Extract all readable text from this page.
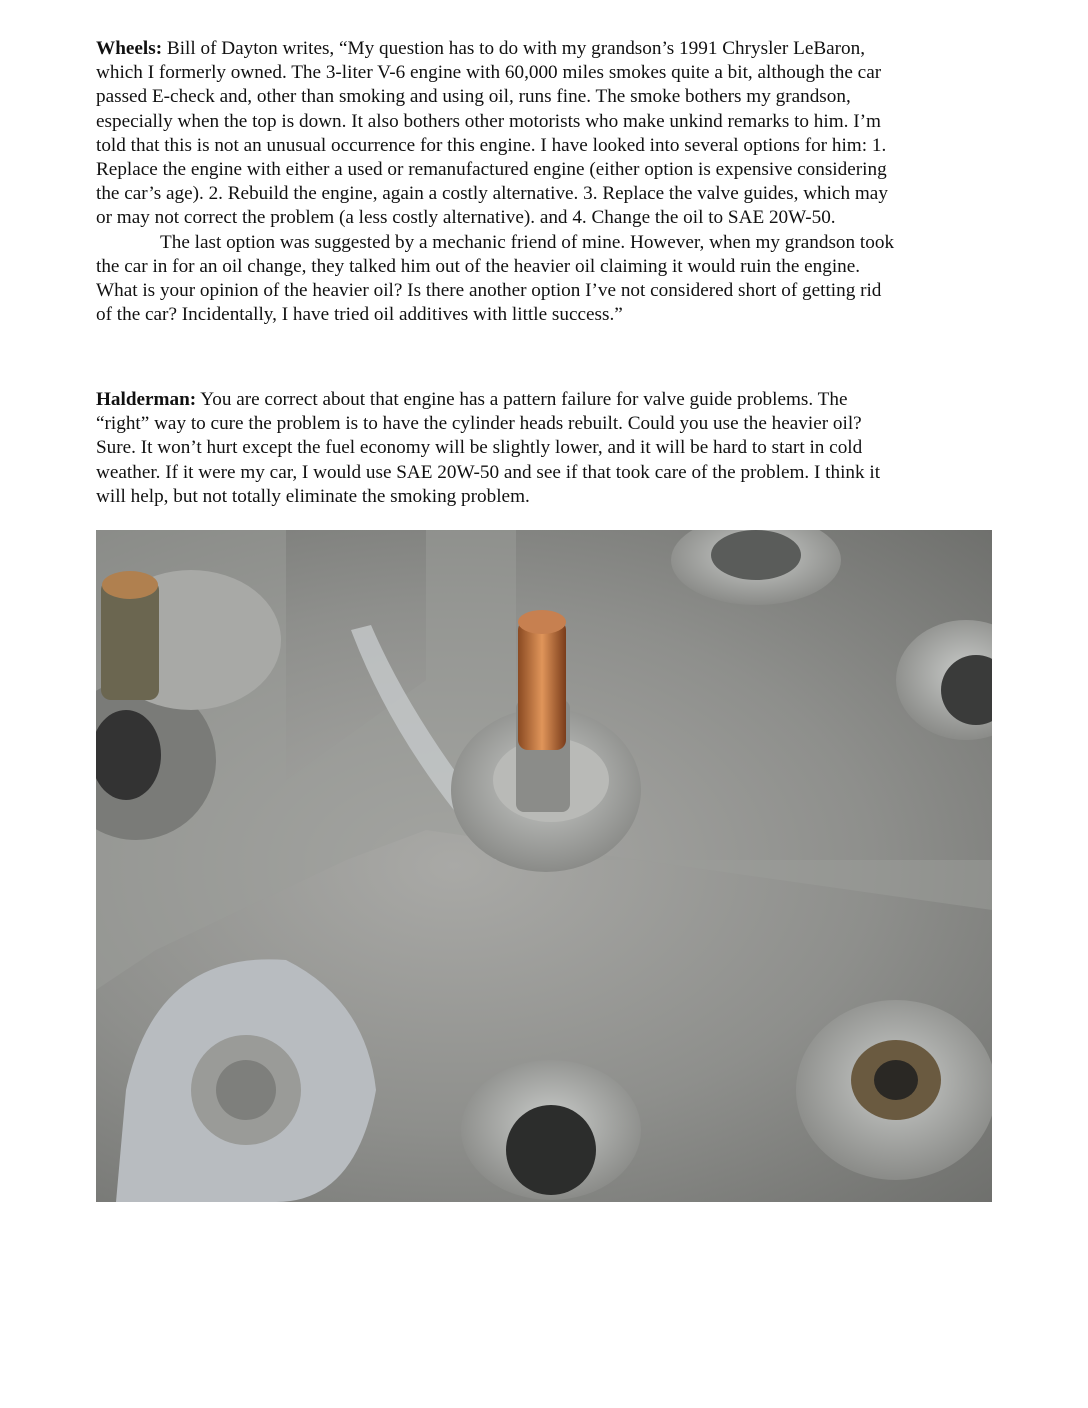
Wheels: Bill of Dayton writes, “My question has to do with my grandson’s 1991 Chrysler LeBaron,
which I formerly owned. The 3-liter V-6 engine with 60,000 miles smokes quite a bit, although the car
passed E-check and, other than smoking and using oil, runs fine. The smoke bothers my grandson,
especially when the top is down. It also bothers other motorists who make unkind remarks to him. I’m
told that this is not an unusual occurrence for this engine. I have looked into several options for him: 1.
Replace the engine with either a used or remanufactured engine (either option is expensive considering
the car’s age). 2. Rebuild the engine, again a costly alternative. 3. Replace the valve guides, which may
or may not correct the problem (a less costly alternative). and 4. Change the oil to SAE 20W-50.
The last option was suggested by a mechanic friend of mine. However, when my grandson took
the car in for an oil change, they talked him out of the heavier oil claiming it would ruin the engine.
What is your opinion of the heavier oil? Is there another option I’ve not considered short of getting rid
of the car? Incidentally, I have tried oil additives with little success.”
Halderman: You are correct about that engine has a pattern failure for valve guide problems. The
“right” way to cure the problem is to have the cylinder heads rebuilt. Could you use the heavier oil?
Sure. It won’t hurt except the fuel economy will be slightly lower, and it will be hard to start in cold
weather. If it were my car, I would use SAE 20W-50 and see if that took care of the problem. I think it
will help, but not totally eliminate the smoking problem.
